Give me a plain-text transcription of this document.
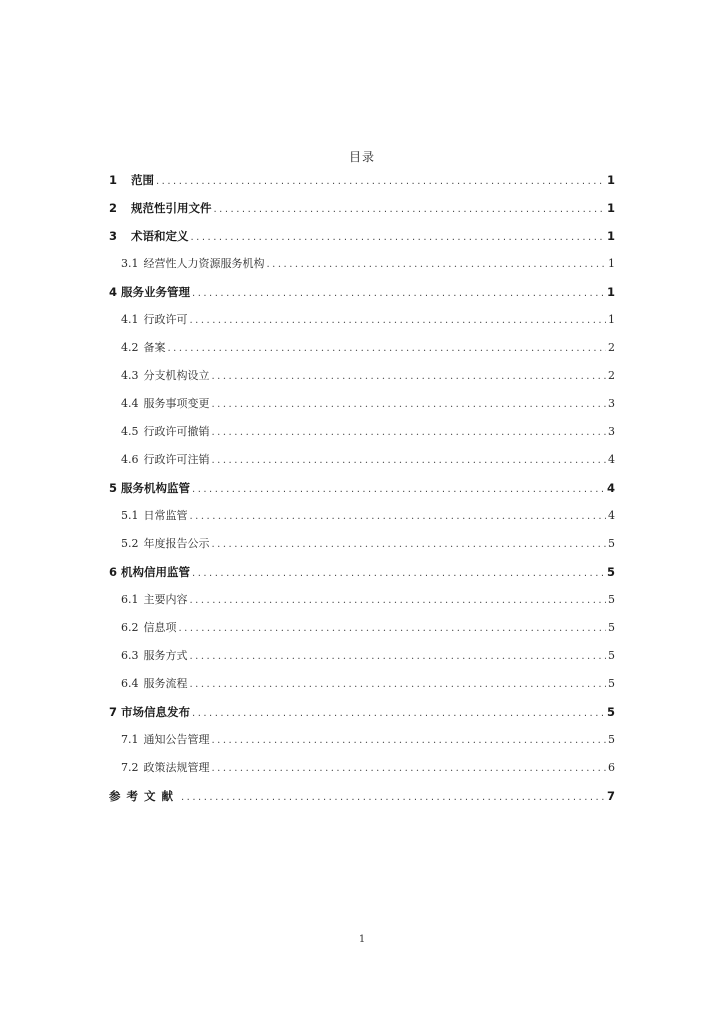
目录
1	范围 .....	1
2	规范性引用文件 .....	1
3	术语和定义 .....	1
3.1 经营性人力资源服务机构 .....	1
4 服务业务管理 .....	1
4.1 行政许可 .....	1
4.2 备案 .....	2
4.3 分支机构设立 .....	2
4.4 服务事项变更 .....	3
4.5 行政许可撤销 .....	3
4.6 行政许可注销 .....	4
5 服务机构监管 .....	4
5.1 日常监管 .....	4
5.2 年度报告公示 .....	5
6 机构信用监管 .....	5
6.1 主要内容 .....	5
6.2 信息项 .....	5
6.3 服务方式 .....	5
6.4 服务流程 .....	5
7 市场信息发布 .....	5
7.1 通知公告管理 .....	5
7.2 政策法规管理 .....	6
参考文献 .....	7
1
